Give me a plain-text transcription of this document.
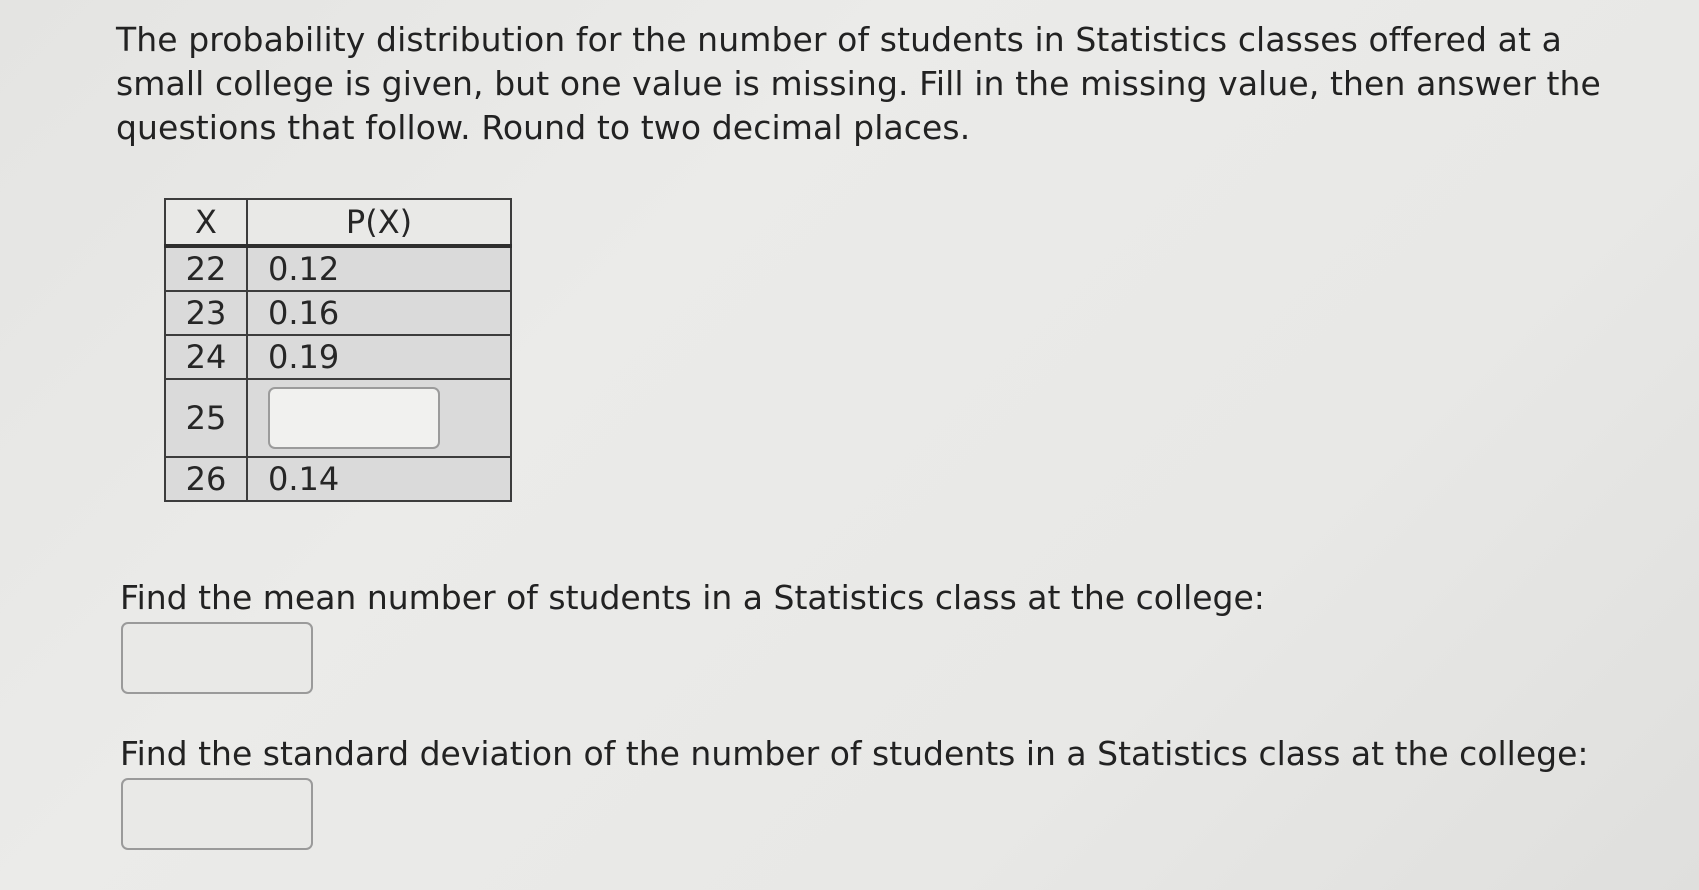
The probability distribution for the number of students in Statistics classes offered at a small college is given, but one value is missing. Fill in the missing value, then answer the questions that follow. Round to two decimal places.

X	P(X)
22	0.12
23	0.16
24	0.19
25	

26	0.14

Find the mean number of students in a Statistics class at the college:

Find the standard deviation of the number of students in a Statistics class at the college:
